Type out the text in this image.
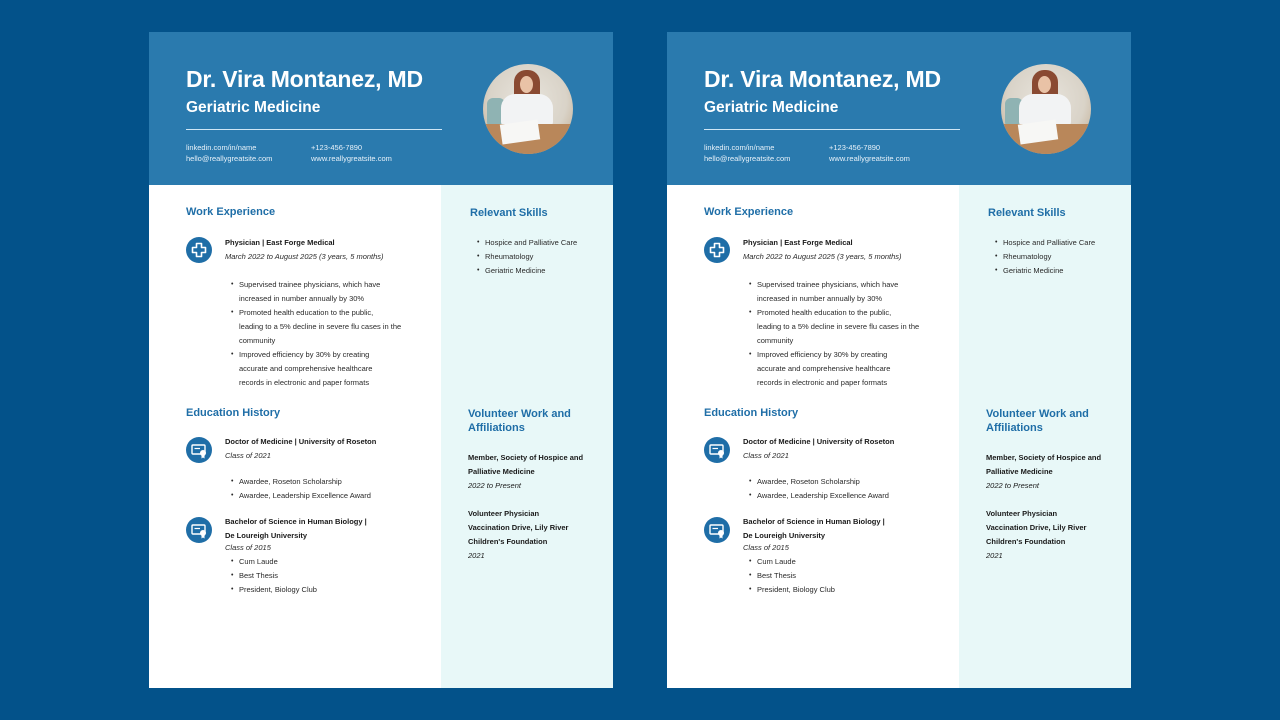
Dr. Vira Montanez, MD
Geriatric Medicine
linkedin.com/in/name
hello@reallygreatsite.com
+123-456-7890
www.reallygreatsite.com
Work Experience
Physician | East Forge Medical
March 2022 to August 2025 (3 years, 5 months)
• Supervised trainee physicians, which have
increased in number annually by 30%
• Promoted health education to the public,
leading to a 5% decline in severe flu cases in the
community
• Improved efficiency by 30% by creating
accurate and comprehensive healthcare
records in electronic and paper formats
Education History
Doctor of Medicine | University of Roseton
Class of 2021
• Awardee, Roseton Scholarship
• Awardee, Leadership Excellence Award
Bachelor of Science in Human Biology |
De Loureigh University
Class of 2015
• Cum Laude
• Best Thesis
• President, Biology Club
Relevant Skills
• Hospice and Palliative Care
• Rheumatology
• Geriatric Medicine
Volunteer Work and
Affiliations
Member, Society of Hospice and
Palliative Medicine
2022 to Present
Volunteer Physician
Vaccination Drive, Lily River
Children's Foundation
2021
Dr. Vira Montanez, MD
Geriatric Medicine
linkedin.com/in/name
hello@reallygreatsite.com
+123-456-7890
www.reallygreatsite.com
Work Experience
Physician | East Forge Medical
March 2022 to August 2025 (3 years, 5 months)
• Supervised trainee physicians, which have
increased in number annually by 30%
• Promoted health education to the public,
leading to a 5% decline in severe flu cases in the
community
• Improved efficiency by 30% by creating
accurate and comprehensive healthcare
records in electronic and paper formats
Education History
Doctor of Medicine | University of Roseton
Class of 2021
• Awardee, Roseton Scholarship
• Awardee, Leadership Excellence Award
Bachelor of Science in Human Biology |
De Loureigh University
Class of 2015
• Cum Laude
• Best Thesis
• President, Biology Club
Relevant Skills
• Hospice and Palliative Care
• Rheumatology
• Geriatric Medicine
Volunteer Work and
Affiliations
Member, Society of Hospice and
Palliative Medicine
2022 to Present
Volunteer Physician
Vaccination Drive, Lily River
Children's Foundation
2021
